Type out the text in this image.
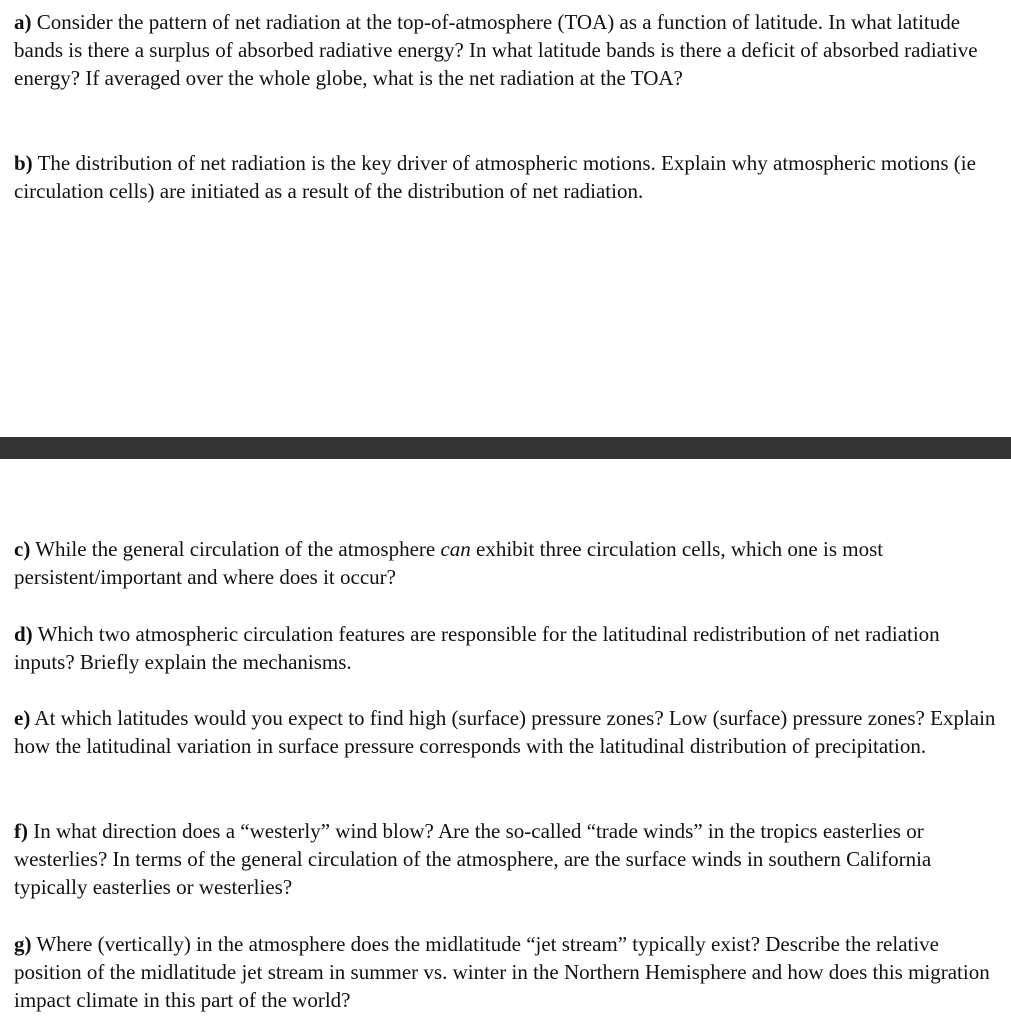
a) Consider the pattern of net radiation at the top-of-atmosphere (TOA) as a function of latitude. In what latitude bands is there a surplus of absorbed radiative energy? In what latitude bands is there a deficit of absorbed radiative energy? If averaged over the whole globe, what is the net radiation at the TOA?

b) The distribution of net radiation is the key driver of atmospheric motions. Explain why atmospheric motions (ie circulation cells) are initiated as a result of the distribution of net radiation.

c) While the general circulation of the atmosphere can exhibit three circulation cells, which one is most persistent/important and where does it occur?

d) Which two atmospheric circulation features are responsible for the latitudinal redistribution of net radiation inputs? Briefly explain the mechanisms.

e) At which latitudes would you expect to find high (surface) pressure zones? Low (surface) pressure zones? Explain how the latitudinal variation in surface pressure corresponds with the latitudinal distribution of precipitation.

f) In what direction does a “westerly” wind blow? Are the so-called “trade winds” in the tropics easterlies or westerlies? In terms of the general circulation of the atmosphere, are the surface winds in southern California typically easterlies or westerlies?

g) Where (vertically) in the atmosphere does the midlatitude “jet stream” typically exist? Describe the relative position of the midlatitude jet stream in summer vs. winter in the Northern Hemisphere and how does this migration impact climate in this part of the world?
